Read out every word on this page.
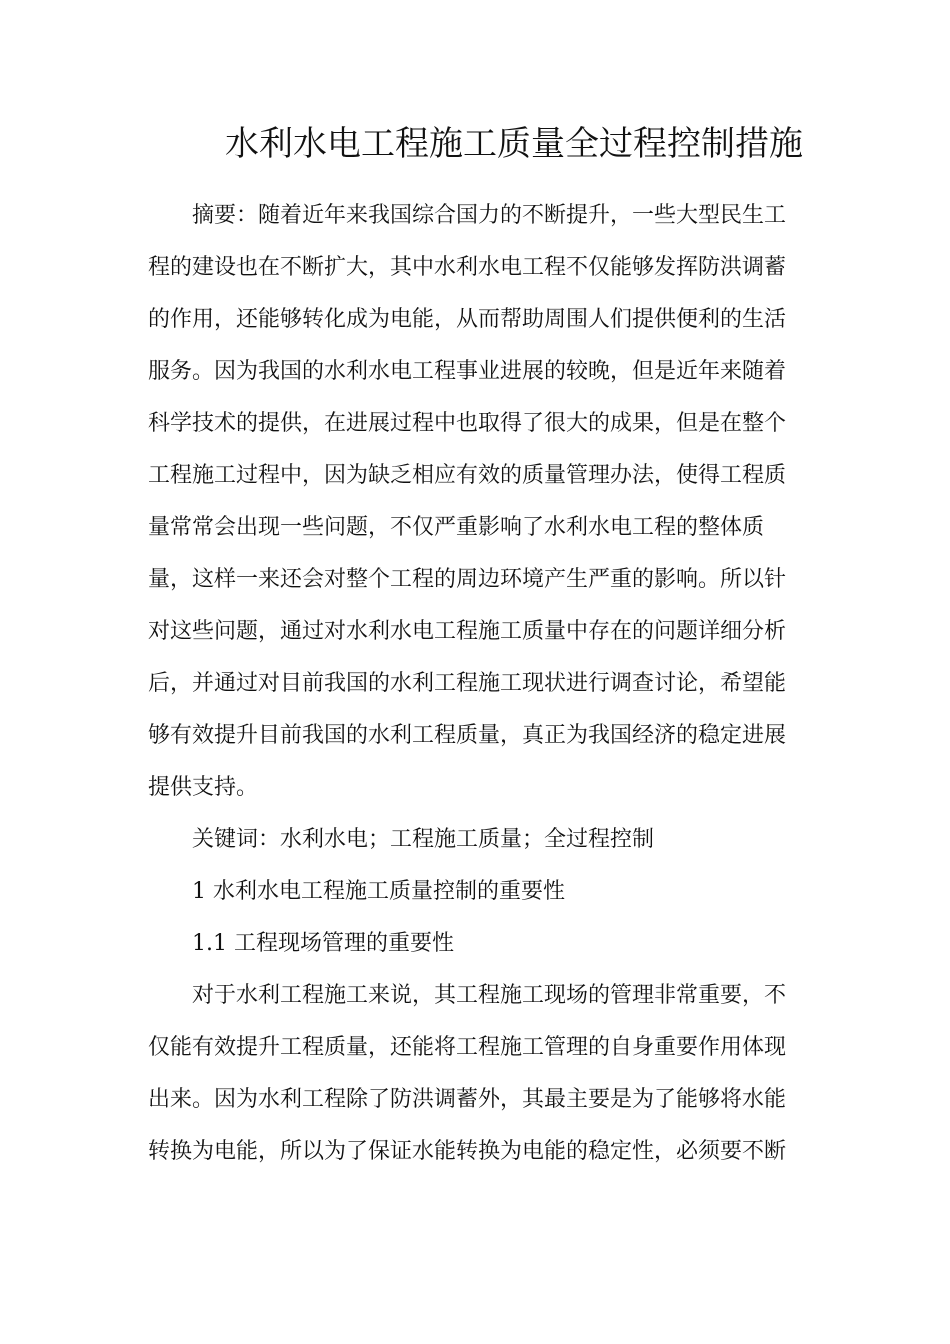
水利水电工程施工质量全过程控制措施
摘要：随着近年来我国综合国力的不断提升，一些大型民生工
程的建设也在不断扩大，其中水利水电工程不仅能够发挥防洪调蓄
的作用，还能够转化成为电能，从而帮助周围人们提供便利的生活
服务。因为我国的水利水电工程事业进展的较晚，但是近年来随着
科学技术的提供，在进展过程中也取得了很大的成果，但是在整个
工程施工过程中，因为缺乏相应有效的质量管理办法，使得工程质
量常常会出现一些问题，不仅严重影响了水利水电工程的整体质
量，这样一来还会对整个工程的周边环境产生严重的影响。所以针
对这些问题，通过对水利水电工程施工质量中存在的问题详细分析
后，并通过对目前我国的水利工程施工现状进行调查讨论，希望能
够有效提升目前我国的水利工程质量，真正为我国经济的稳定进展
提供支持。
关键词：水利水电；工程施工质量；全过程控制
1 水利水电工程施工质量控制的重要性
1.1 工程现场管理的重要性
对于水利工程施工来说，其工程施工现场的管理非常重要，不
仅能有效提升工程质量，还能将工程施工管理的自身重要作用体现
出来。因为水利工程除了防洪调蓄外，其最主要是为了能够将水能
转换为电能，所以为了保证水能转换为电能的稳定性，必须要不断
